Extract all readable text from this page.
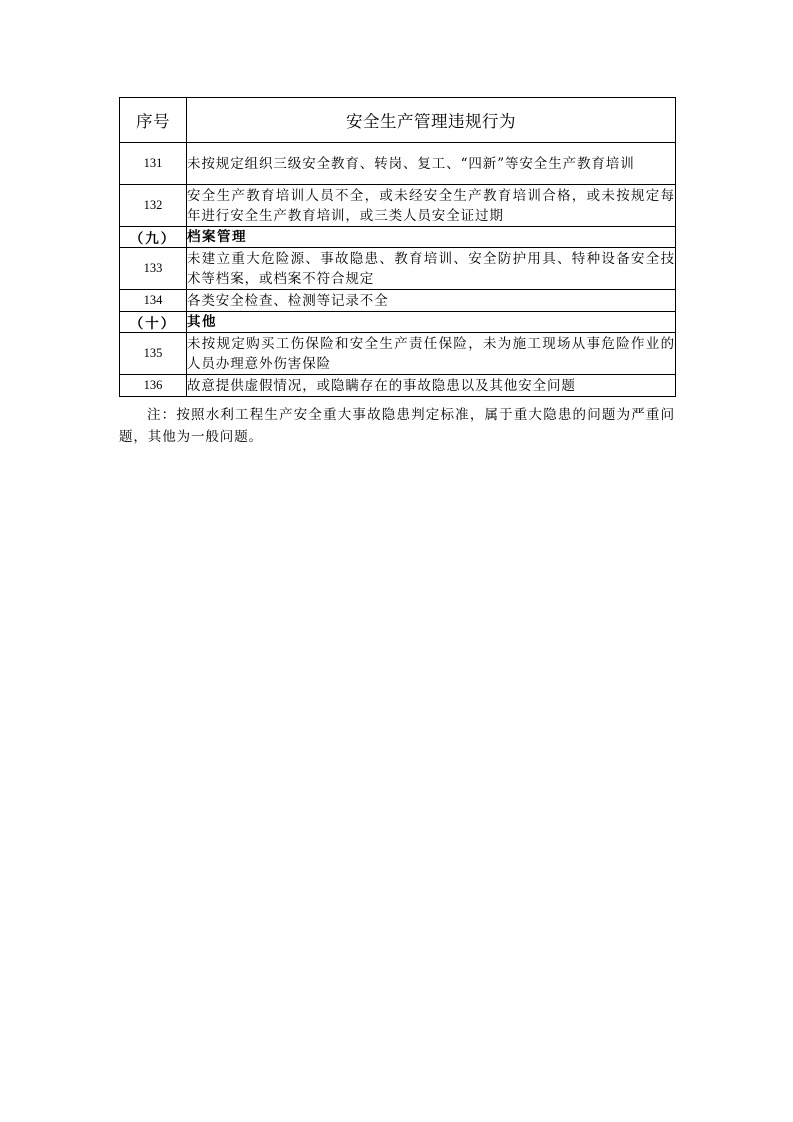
序号	安全生产管理违规行为
131	未按规定组织三级安全教育、转岗、复工、“四新”等安全生产教育培训
132	安全生产教育培训人员不全，或未经安全生产教育培训合格，或未按规定每年进行安全生产教育培训，或三类人员安全证过期
（九）	档案管理
133	未建立重大危险源、事故隐患、教育培训、安全防护用具、特种设备安全技术等档案，或档案不符合规定
134	各类安全检查、检测等记录不全
（十）	其他
135	未按规定购买工伤保险和安全生产责任保险，未为施工现场从事危险作业的人员办理意外伤害保险
136	故意提供虚假情况，或隐瞒存在的事故隐患以及其他安全问题

注：按照水利工程生产安全重大事故隐患判定标准，属于重大隐患的问题为严重问题，其他为一般问题。
